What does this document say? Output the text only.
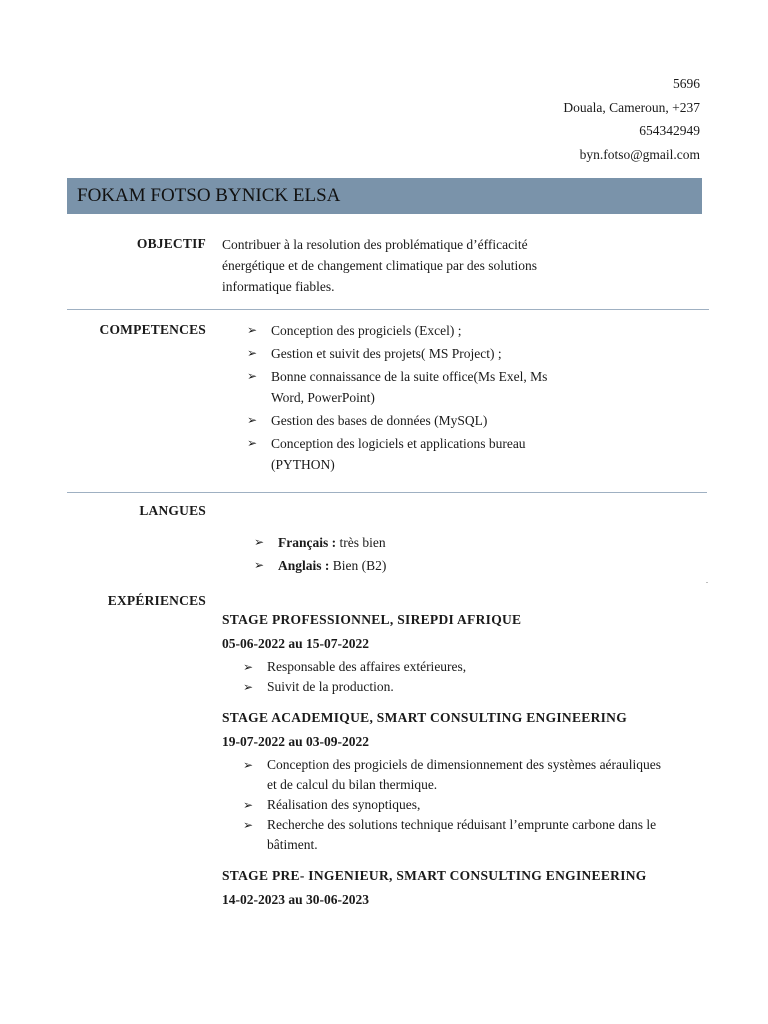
5696
Douala, Cameroun, +237
654342949
byn.fotso@gmail.com
FOKAM FOTSO BYNICK ELSA
OBJECTIF Contribuer à la resolution des problématique d’éfficacité
énergétique et de changement climatique par des solutions
informatique fiables.
COMPETENCES	➢ Conception des progiciels (Excel) ;
➢ Gestion et suivit des projets( MS Project) ;
➢ Bonne connaissance de la suite office(Ms Exel, Ms
Word, PowerPoint)
➢ Gestion des bases de données (MySQL)
➢ Conception des logiciels et applications bureau
(PYTHON)
LANGUES
➢ Français : très bien
➢ Anglais : Bien (B2)
.
EXPÉRIENCES
STAGE PROFESSIONNEL, SIREPDI AFRIQUE
05-06-2022 au 15-07-2022
➢ Responsable des affaires extérieures,
➢ Suivit de la production.
STAGE ACADEMIQUE, SMART CONSULTING ENGINEERING
19-07-2022 au 03-09-2022
➢ Conception des progiciels de dimensionnement des systèmes aérauliques
et de calcul du bilan thermique.
➢ Réalisation des synoptiques,
➢ Recherche des solutions technique réduisant l’emprunte carbone dans le
bâtiment.
STAGE PRE- INGENIEUR, SMART CONSULTING ENGINEERING
14-02-2023 au 30-06-2023
